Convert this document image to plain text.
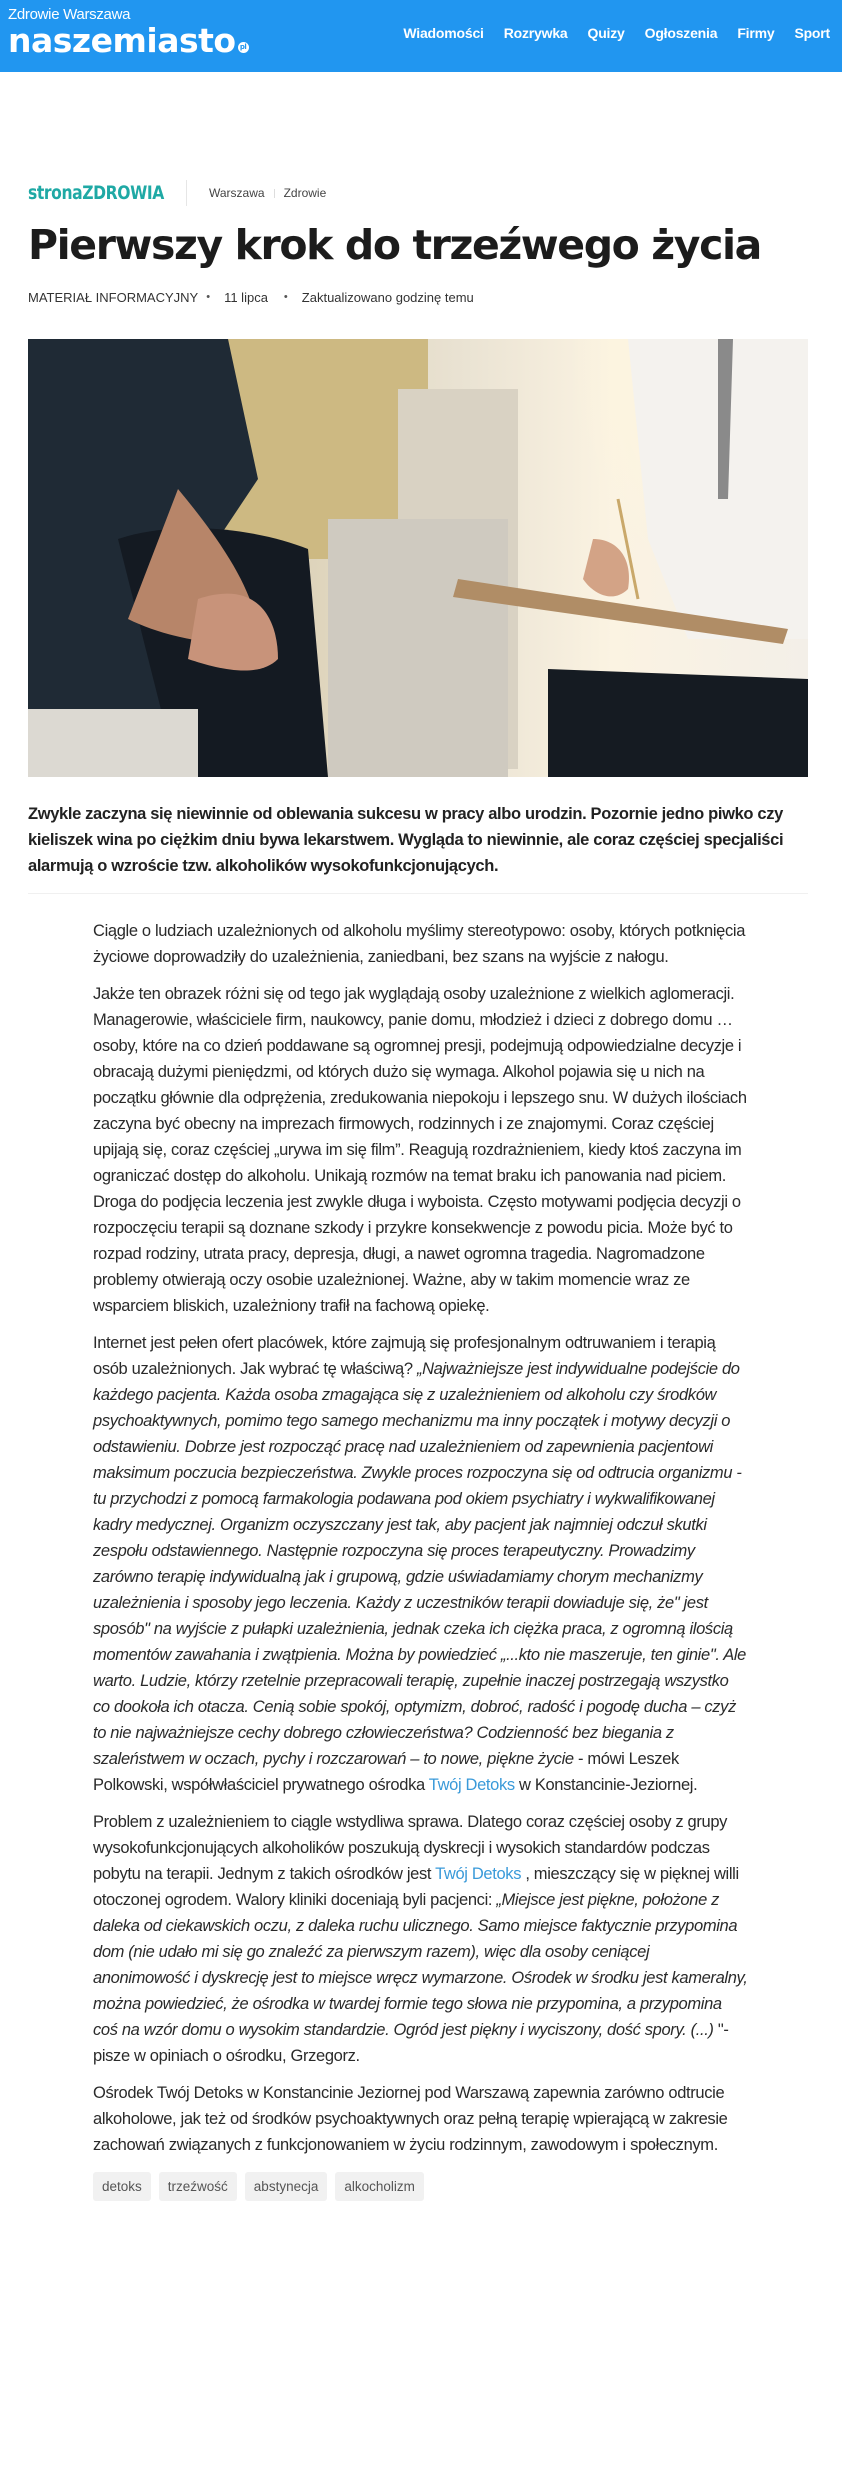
Zdrowie Warszawa
naszemiasto pl
Wiadomości Rozrywka Quizy Ogłoszenia Firmy Sport
stronaZDROWIA	Warszawa Zdrowie
Pierwszy krok do trzeźwego życia
MATERIAŁ INFORMACYJNY • 11 lipca • Zaktualizowano godzinę temu

Zwykle zaczyna się niewinnie od oblewania sukcesu w pracy albo urodzin. Pozornie jedno piwko czy kieliszek wina po ciężkim dniu bywa lekarstwem. Wygląda to niewinnie, ale coraz częściej specjaliści alarmują o wzroście tzw. alkoholików wysokofunkcjonujących.

Ciągle o ludziach uzależnionych od alkoholu myślimy stereotypowo: osoby, których potknięcia życiowe doprowadziły do uzależnienia, zaniedbani, bez szans na wyjście z nałogu.

Jakże ten obrazek różni się od tego jak wyglądają osoby uzależnione z wielkich aglomeracji. Managerowie, właściciele firm, naukowcy, panie domu, młodzież i dzieci z dobrego domu … osoby, które na co dzień poddawane są ogromnej presji, podejmują odpowiedzialne decyzje i obracają dużymi pieniędzmi, od których dużo się wymaga. Alkohol pojawia się u nich na początku głównie dla odprężenia, zredukowania niepokoju i lepszego snu. W dużych ilościach zaczyna być obecny na imprezach firmowych, rodzinnych i ze znajomymi. Coraz częściej upijają się, coraz częściej „urywa im się film”. Reagują rozdrażnieniem, kiedy ktoś zaczyna im ograniczać dostęp do alkoholu. Unikają rozmów na temat braku ich panowania nad piciem. Droga do podjęcia leczenia jest zwykle długa i wyboista. Często motywami podjęcia decyzji o rozpoczęciu terapii są doznane szkody i przykre konsekwencje z powodu picia. Może być to rozpad rodziny, utrata pracy, depresja, długi, a nawet ogromna tragedia. Nagromadzone problemy otwierają oczy osobie uzależnionej. Ważne, aby w takim momencie wraz ze wsparciem bliskich, uzależniony trafił na fachową opiekę.

Internet jest pełen ofert placówek, które zajmują się profesjonalnym odtruwaniem i terapią osób uzależnionych. Jak wybrać tę właściwą? „Najważniejsze jest indywidualne podejście do każdego pacjenta. Każda osoba zmagająca się z uzależnieniem od alkoholu czy środków psychoaktywnych, pomimo tego samego mechanizmu ma inny początek i motywy decyzji o odstawieniu. Dobrze jest rozpocząć pracę nad uzależnieniem od zapewnienia pacjentowi maksimum poczucia bezpieczeństwa. Zwykle proces rozpoczyna się od odtrucia organizmu - tu przychodzi z pomocą farmakologia podawana pod okiem psychiatry i wykwalifikowanej kadry medycznej. Organizm oczyszczany jest tak, aby pacjent jak najmniej odczuł skutki zespołu odstawiennego. Następnie rozpoczyna się proces terapeutyczny. Prowadzimy zarówno terapię indywidualną jak i grupową, gdzie uświadamiamy chorym mechanizmy uzależnienia i sposoby jego leczenia. Każdy z uczestników terapii dowiaduje się, że" jest sposób" na wyjście z pułapki uzależnienia, jednak czeka ich ciężka praca, z ogromną ilością momentów zawahania i zwątpienia. Można by powiedzieć „...kto nie maszeruje, ten ginie". Ale warto. Ludzie, którzy rzetelnie przepracowali terapię, zupełnie inaczej postrzegają wszystko co dookoła ich otacza. Cenią sobie spokój, optymizm, dobroć, radość i pogodę ducha – czyż to nie najważniejsze cechy dobrego człowieczeństwa? Codzienność bez biegania z szaleństwem w oczach, pychy i rozczarowań – to nowe, piękne życie - mówi Leszek Polkowski, współwłaściciel prywatnego ośrodka Twój Detoks w Konstancinie-Jeziornej.

Problem z uzależnieniem to ciągle wstydliwa sprawa. Dlatego coraz częściej osoby z grupy wysokofunkcjonujących alkoholików poszukują dyskrecji i wysokich standardów podczas pobytu na terapii. Jednym z takich ośrodków jest Twój Detoks , mieszczący się w pięknej willi otoczonej ogrodem. Walory kliniki doceniają byli pacjenci: „Miejsce jest piękne, położone z daleka od ciekawskich oczu, z daleka ruchu ulicznego. Samo miejsce faktycznie przypomina dom (nie udało mi się go znaleźć za pierwszym razem), więc dla osoby ceniącej anonimowość i dyskrecję jest to miejsce wręcz wymarzone. Ośrodek w środku jest kameralny, można powiedzieć, że ośrodka w twardej formie tego słowa nie przypomina, a przypomina coś na wzór domu o wysokim standardzie. Ogród jest piękny i wyciszony, dość spory. (...) "- pisze w opiniach o ośrodku, Grzegorz.

Ośrodek Twój Detoks w Konstancinie Jeziornej pod Warszawą zapewnia zarówno odtrucie alkoholowe, jak też od środków psychoaktywnych oraz pełną terapię wpierającą w zakresie zachowań związanych z funkcjonowaniem w życiu rodzinnym, zawodowym i społecznym.

detoks	trzeźwość	abstynecja	alkocholizm
